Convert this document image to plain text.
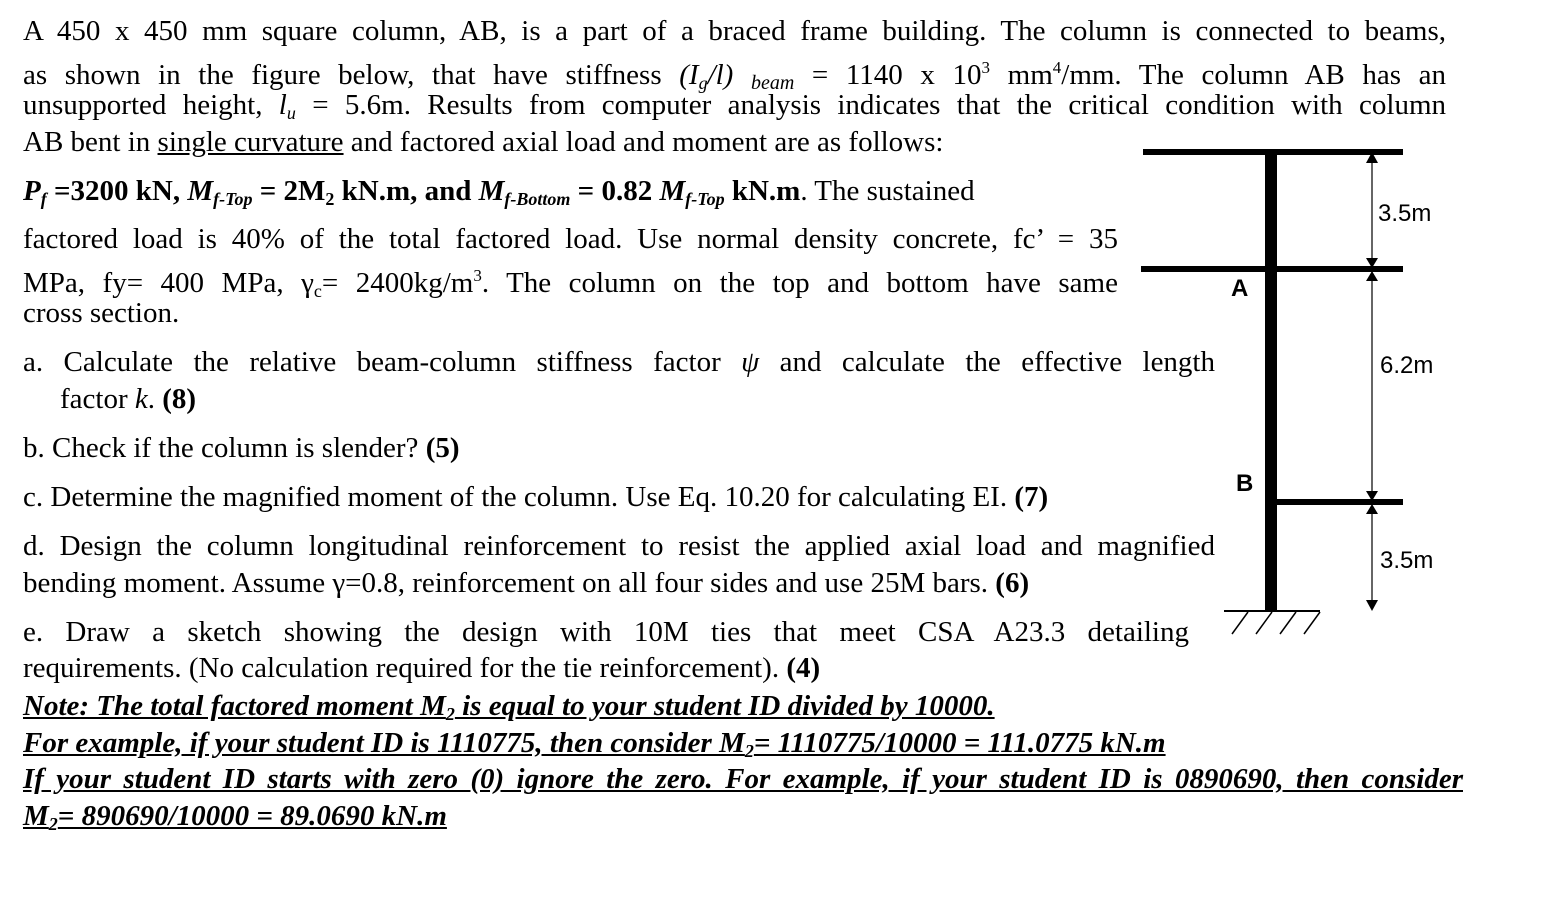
A 450 x 450 mm square column, AB, is a part of a braced frame building. The column is connected to beams,
as shown in the figure below, that have stiffness $(I_g/l) _{beam} = 1140$ x $10^3$ $mm^4/mm$. The column AB has an
unsupported height, $l_u = 5.6m$. Results from computer analysis indicates that the critical condition with column
AB bent in single curvature and factored axial load and moment are as follows:
$P_f =3200$ kN, $M_{f-Top} = 2M_2$ kN.m, and $M_{f-Bottom} = 0.82$ $M_{f-Top}$ kN.m. The sustained
factored load is 40% of the total factored load. Use normal density concrete, fc’ = 35
MPa, fy= 400 MPa, $\gamma_c= 2400kg/m^3$. The column on the top and bottom have same
cross section.
a. Calculate the relative beam-column stiffness factor ψ and calculate the effective length
factor k. (8)
b. Check if the column is slender? (5)
c. Determine the magnified moment of the column. Use Eq. 10.20 for calculating EI. (7)
d. Design the column longitudinal reinforcement to resist the applied axial load and magnified
bending moment. Assume γ=0.8, reinforcement on all four sides and use 25M bars. (6)
e. Draw a sketch showing the design with 10M ties that meet CSA A23.3 detailing
requirements. (No calculation required for the tie reinforcement). (4)
Note: The total factored moment $M_2$ is equal to your student ID divided by 10000.
For example, if your student ID is 1110775, then consider $M_2= 1110775/10000 = 111.0775$ kN.m
If your student ID starts with zero (0) ignore the zero. For example, if your student ID is 0890690, then consider
$M_2= 890690/10000 = 89.0690$ kN.m
3.5m
6.2m
3.5m
A
B
